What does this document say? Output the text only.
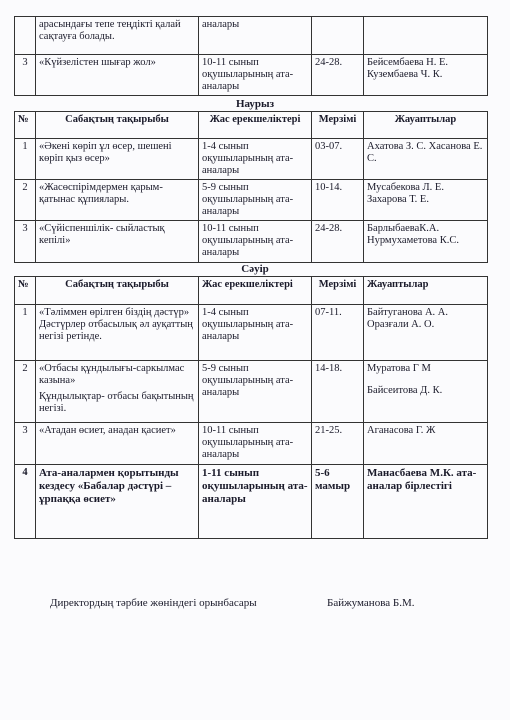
	арасындағы тепе теңдікті қалай сақтауға болады.	аналары		
3	«Күйзелістен шығар жол»	10-11 сынып оқушыларының ата-аналары	24-28.	Бейсембаева Н. Е. Кузембаева Ч. К.
Наурыз
№	Сабақтың тақырыбы	Жас ерекшеліктері	Мерзімі	Жауаптылар
1	«Әкені көріп ұл өсер, шешені көріп қыз өсер»	1-4 сынып оқушыларының ата-аналары	03-07.	Ахатова З. С. Хасанова Е. С.
2	«Жасөспірімдермен қарым-қатынас құпиялары.	5-9 сынып оқушыларының ата-аналары	10-14.	Мусабекова Л. Е. Захарова Т. Е.
3	«Сүйіспеншілік- сыйластық кепілі»	10-11 сынып оқушыларының ата-аналары	24-28.	БарлыбаеваК.А. Нурмухаметова К.С.
Сәуір
№	Сабақтың тақырыбы	Жас ерекшеліктері	Мерзімі	Жауаптылар
1	«Тәлiммен өрiлген бiздiң дәстүр»
Дәстүрлер отбасылық әл ауқаттың негізі ретінде.	1-4 сынып оқушыларының ата-аналары	07-11.	Байтуганова А. А. Оразғали А. О.
2	«Отбасы құндылығы-саркылмас казына»
Құндылықтар- отбасы бақытының негізі.	5-9 сынып оқушыларының ата-аналары	14-18.	Муратова Г М
Байсеитова Д. К.

3	«Атадан өсиет, анадан қасиет»	10-11 сынып оқушыларының ата-аналары	21-25.	Аганасова Г. Ж
4	Ата-аналармен қорытынды кездесу «Бабалар дәстүрі – ұрпаққа өсиет»	1-11 сынып оқушыларының ата-аналары	5-6 мамыр	Манасбаева М.К. ата-аналар бірлестігі
Директордың тәрбие жөніндегі орынбасары	Байжуманова Б.М.
